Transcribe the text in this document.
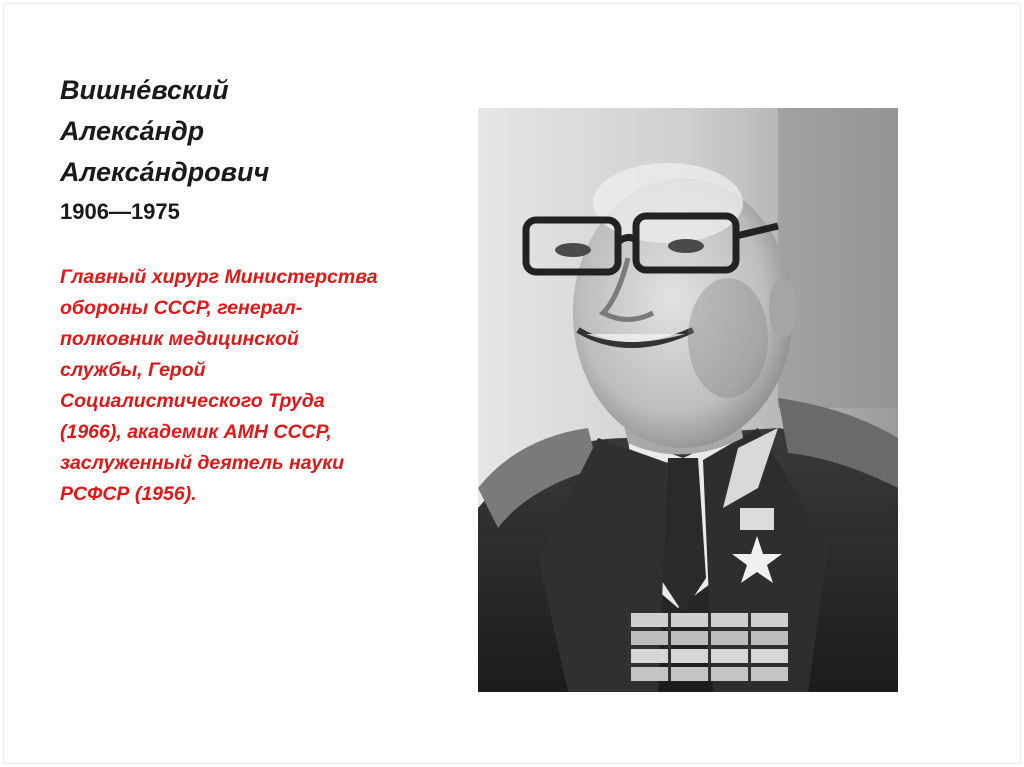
Вишне́вский
Алекса́ндр
Алекса́ндрович
1906—1975
Главный хирург Министерства обороны СССР, генерал-полковник медицинской службы, Герой Социалистического Труда (1966), академик АМН СССР, заслуженный деятель науки РСФСР (1956).
